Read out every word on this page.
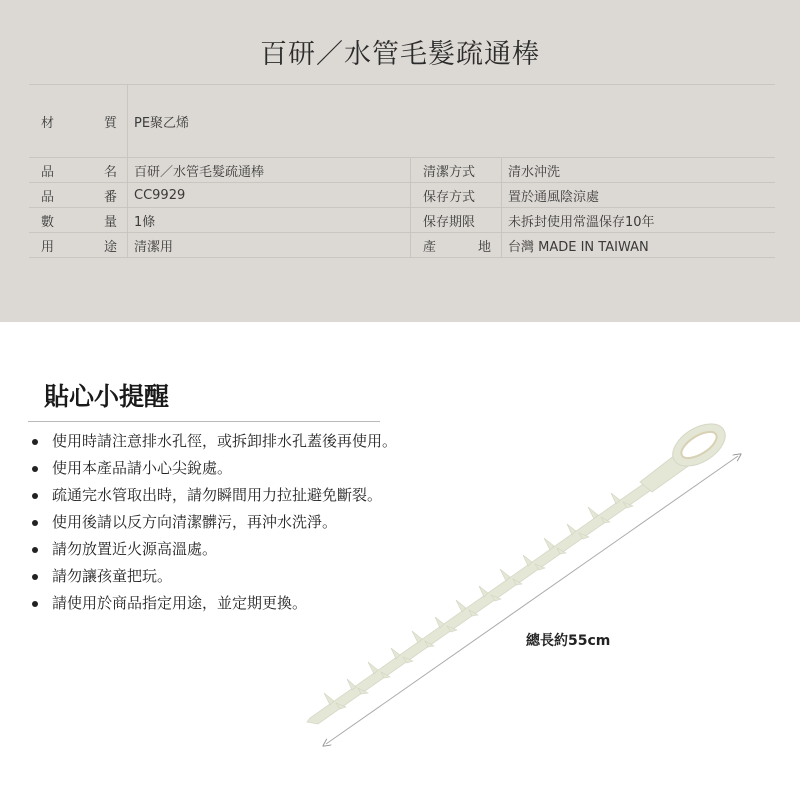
百研／水管毛髮疏通棒
材 質	PE聚乙烯		

品 名	百研／水管毛髮疏通棒	清潔方式	清水沖洗

品 番	CC9929	保存方式	置於通風陰涼處

數 量	1條	保存期限	未拆封使用常溫保存10年

用 途	清潔用	產 地	台灣 MADE IN TAIWAN
貼心小提醒
使用時請注意排水孔徑，或拆卸排水孔蓋後再使用。
使用本產品請小心尖銳處。
疏通完水管取出時，請勿瞬間用力拉扯避免斷裂。
使用後請以反方向清潔髒污，再沖水洗淨。
請勿放置近火源高溫處。
請勿讓孩童把玩。
請使用於商品指定用途，並定期更換。
總長約55cm
